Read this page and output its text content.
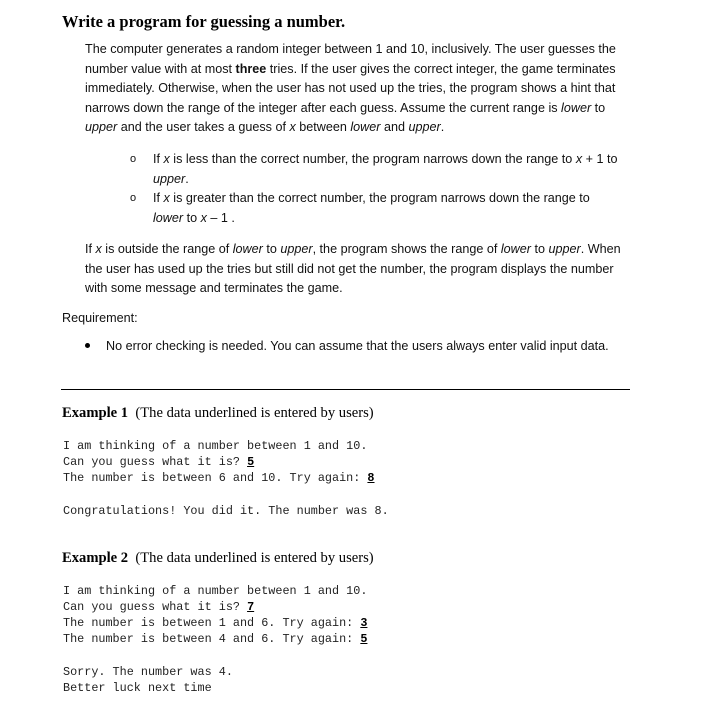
Write a program for guessing a number.
The computer generates a random integer between 1 and 10, inclusively. The user guesses the number value with at most three tries. If the user gives the correct integer, the game terminates immediately. Otherwise, when the user has not used up the tries, the program shows a hint that narrows down the range of the integer after each guess. Assume the current range is lower to upper and the user takes a guess of x between lower and upper.
o If x is less than the correct number, the program narrows down the range to x + 1 to
upper.
o If x is greater than the correct number, the program narrows down the range to
lower to x – 1 .
If x is outside the range of lower to upper, the program shows the range of lower to upper. When the user has used up the tries but still did not get the number, the program displays the number with some message and terminates the game.
Requirement:
No error checking is needed. You can assume that the users always enter valid input data.
Example 1 (The data underlined is entered by users)
I am thinking of a number between 1 and 10.
Can you guess what it is? 5
The number is between 6 and 10. Try again: 8
Congratulations! You did it. The number was 8.
Example 2 (The data underlined is entered by users)
I am thinking of a number between 1 and 10.
Can you guess what it is? 7
The number is between 1 and 6. Try again: 3
The number is between 4 and 6. Try again: 5
Sorry. The number was 4.
Better luck next time
